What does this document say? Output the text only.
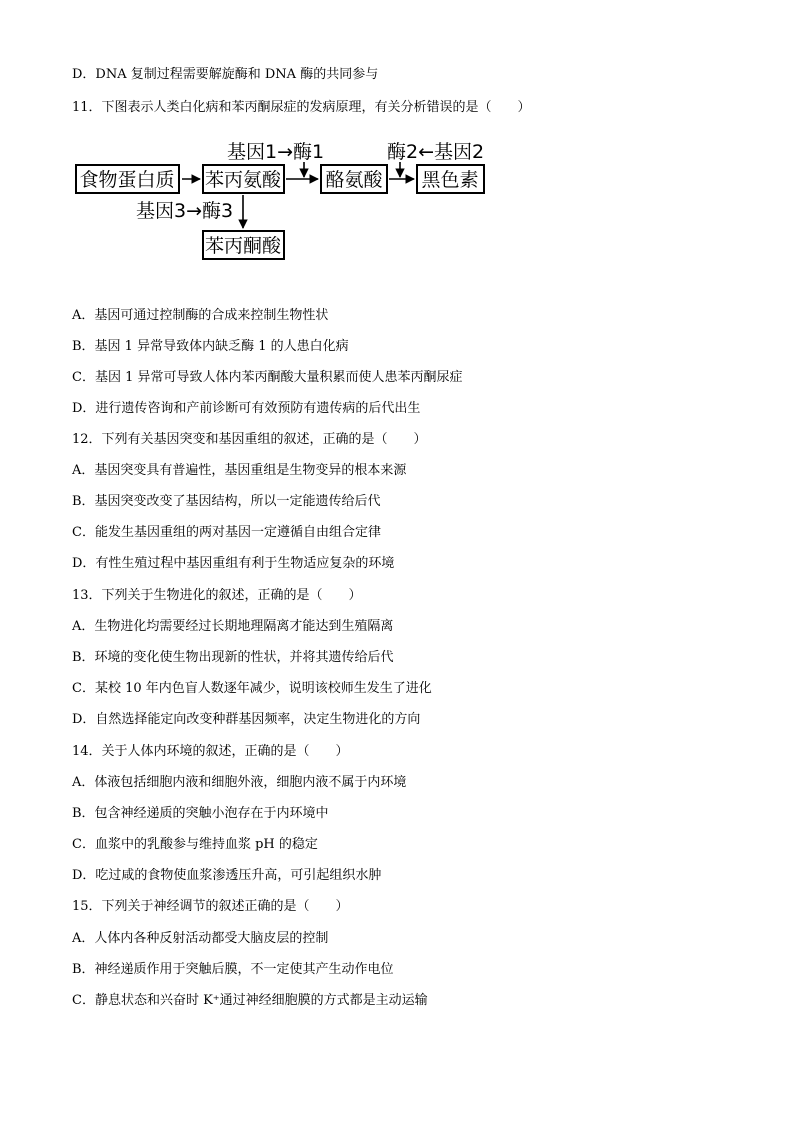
D．DNA 复制过程需要解旋酶和 DNA 酶的共同参与
11．下图表示人类白化病和苯丙酮尿症的发病原理，有关分析错误的是（　　）
食物蛋白质 苯丙氨酸 酪氨酸 黑色素
苯丙酮酸
基因1→酶1	酶2←基因2
基因3→酶3
A．基因可通过控制酶的合成来控制生物性状
B．基因 1 异常导致体内缺乏酶 1 的人患白化病
C．基因 1 异常可导致人体内苯丙酮酸大量积累而使人患苯丙酮尿症
D．进行遗传咨询和产前诊断可有效预防有遗传病的后代出生
12．下列有关基因突变和基因重组的叙述，正确的是（　　）
A．基因突变具有普遍性，基因重组是生物变异的根本来源
B．基因突变改变了基因结构，所以一定能遗传给后代
C．能发生基因重组的两对基因一定遵循自由组合定律
D．有性生殖过程中基因重组有利于生物适应复杂的环境
13．下列关于生物进化的叙述，正确的是（　　）
A．生物进化均需要经过长期地理隔离才能达到生殖隔离
B．环境的变化使生物出现新的性状，并将其遗传给后代
C．某校 10 年内色盲人数逐年减少，说明该校师生发生了进化
D．自然选择能定向改变种群基因频率，决定生物进化的方向
14．关于人体内环境的叙述，正确的是（　　）
A．体液包括细胞内液和细胞外液，细胞内液不属于内环境
B．包含神经递质的突触小泡存在于内环境中
C．血浆中的乳酸参与维持血浆 pH 的稳定
D．吃过咸的食物使血浆渗透压升高，可引起组织水肿
15．下列关于神经调节的叙述正确的是（　　）
A．人体内各种反射活动都受大脑皮层的控制
B．神经递质作用于突触后膜，不一定使其产生动作电位
C．静息状态和兴奋时 K⁺通过神经细胞膜的方式都是主动运输
